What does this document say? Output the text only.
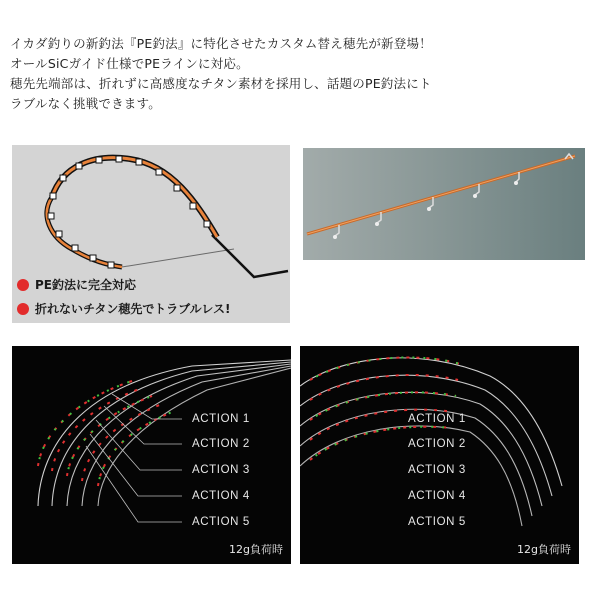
イカダ釣りの新釣法『PE釣法』に特化させたカスタム替え穂先が新登場！
オールSiCガイド仕様でPEラインに対応。
穂先先端部は、折れずに高感度なチタン素材を採用し、話題のPE釣法にト
ラブルなく挑戦できます。
PE釣法に完全対応
折れないチタン穂先でトラブルレス!
ACTION 1
ACTION 2
ACTION 3
ACTION 4
ACTION 5
12g負荷時
ACTION 1
ACTION 2
ACTION 3
ACTION 4
ACTION 5
12g負荷時
